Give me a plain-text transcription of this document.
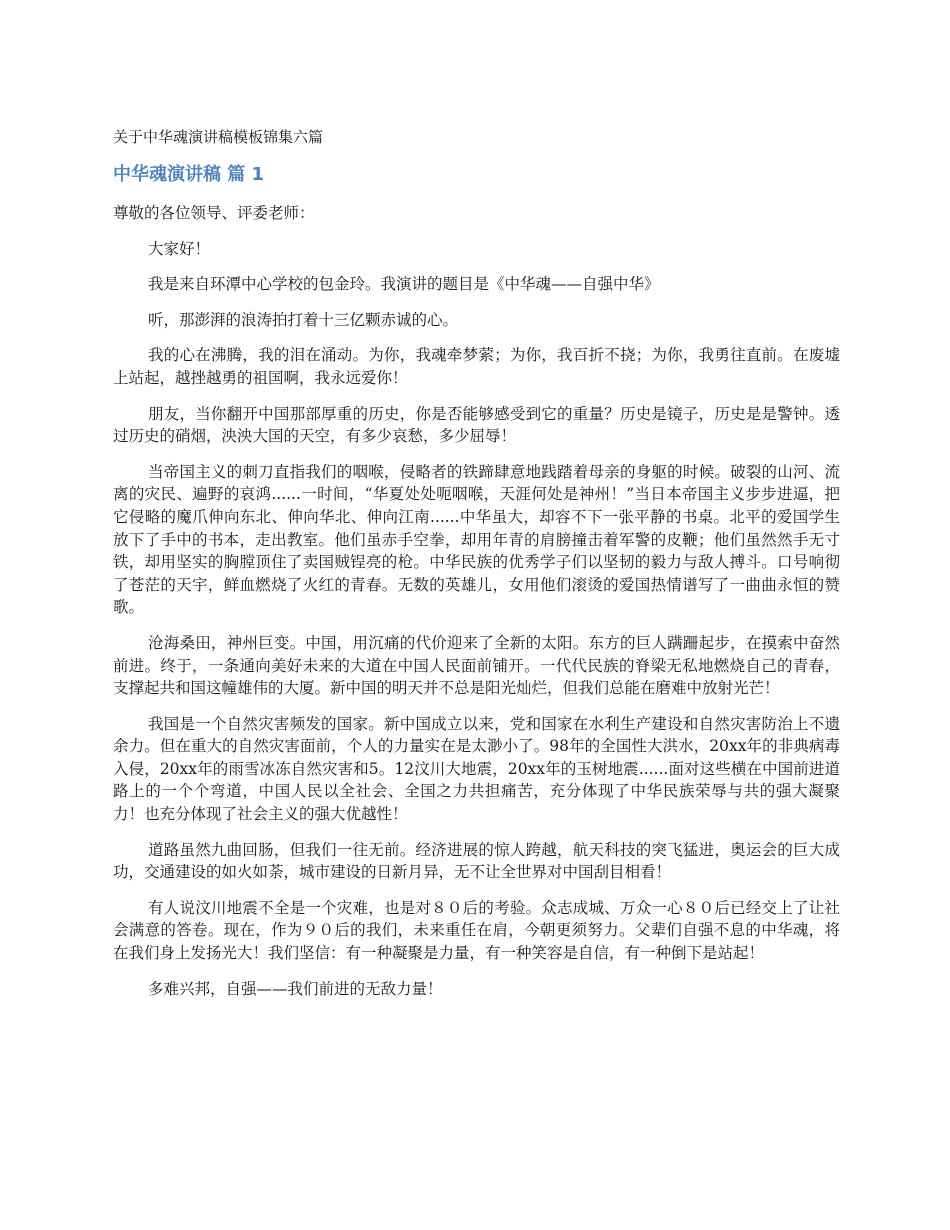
关于中华魂演讲稿模板锦集六篇
中华魂演讲稿 篇 1

尊敬的各位领导、评委老师：

大家好！

我是来自环潭中心学校的包金玲。我演讲的题目是《中华魂——自强中华》

听，那澎湃的浪涛拍打着十三亿颗赤诚的心。

我的心在沸腾，我的泪在涌动。为你，我魂牵梦萦；为你，我百折不挠；为你，我勇往直前。在废墟上站起，越挫越勇的祖国啊，我永远爱你！

朋友，当你翻开中国那部厚重的历史，你是否能够感受到它的重量？历史是镜子，历史是是警钟。透过历史的硝烟，泱泱大国的天空，有多少哀愁，多少屈辱！

当帝国主义的刺刀直指我们的咽喉，侵略者的铁蹄肆意地践踏着母亲的身躯的时候。破裂的山河、流离的灾民、遍野的哀鸿......一时间，“华夏处处呃咽喉，天涯何处是神州！”当日本帝国主义步步进逼，把它侵略的魔爪伸向东北、伸向华北、伸向江南......中华虽大，却容不下一张平静的书桌。北平的爱国学生放下了手中的书本，走出教室。他们虽赤手空拳，却用年青的肩膀撞击着军警的皮鞭；他们虽然然手无寸铁，却用坚实的胸膛顶住了卖国贼锃亮的枪。中华民族的优秀学子们以坚韧的毅力与敌人搏斗。口号响彻了苍茫的天宇，鲜血燃烧了火红的青春。无数的英雄儿，女用他们滚烫的爱国热情谱写了一曲曲永恒的赞歌。

沧海桑田，神州巨变。中国，用沉痛的代价迎来了全新的太阳。东方的巨人蹒跚起步，在摸索中奋然前进。终于，一条通向美好未来的大道在中国人民面前铺开。一代代民族的脊梁无私地燃烧自己的青春，支撑起共和国这幢雄伟的大厦。新中国的明天并不总是阳光灿烂，但我们总能在磨难中放射光芒！

我国是一个自然灾害频发的国家。新中国成立以来，党和国家在水利生产建设和自然灾害防治上不遗余力。但在重大的自然灾害面前，个人的力量实在是太渺小了。98年的全国性大洪水，20xx年的非典病毒入侵，20xx年的雨雪冰冻自然灾害和5。12汶川大地震，20xx年的玉树地震......面对这些横在中国前进道路上的一个个弯道，中国人民以全社会、全国之力共担痛苦，充分体现了中华民族荣辱与共的强大凝聚力！也充分体现了社会主义的强大优越性！

道路虽然九曲回肠，但我们一往无前。经济进展的惊人跨越，航天科技的突飞猛进，奥运会的巨大成功，交通建设的如火如荼，城市建设的日新月异，无不让全世界对中国刮目相看！

有人说汶川地震不全是一个灾难，也是对８０后的考验。众志成城、万众一心８０后已经交上了让社会满意的答卷。现在，作为９０后的我们，未来重任在肩，今朝更须努力。父辈们自强不息的中华魂，将在我们身上发扬光大！我们坚信：有一种凝聚是力量，有一种笑容是自信，有一种倒下是站起！

多难兴邦，自强——我们前进的无敌力量！
